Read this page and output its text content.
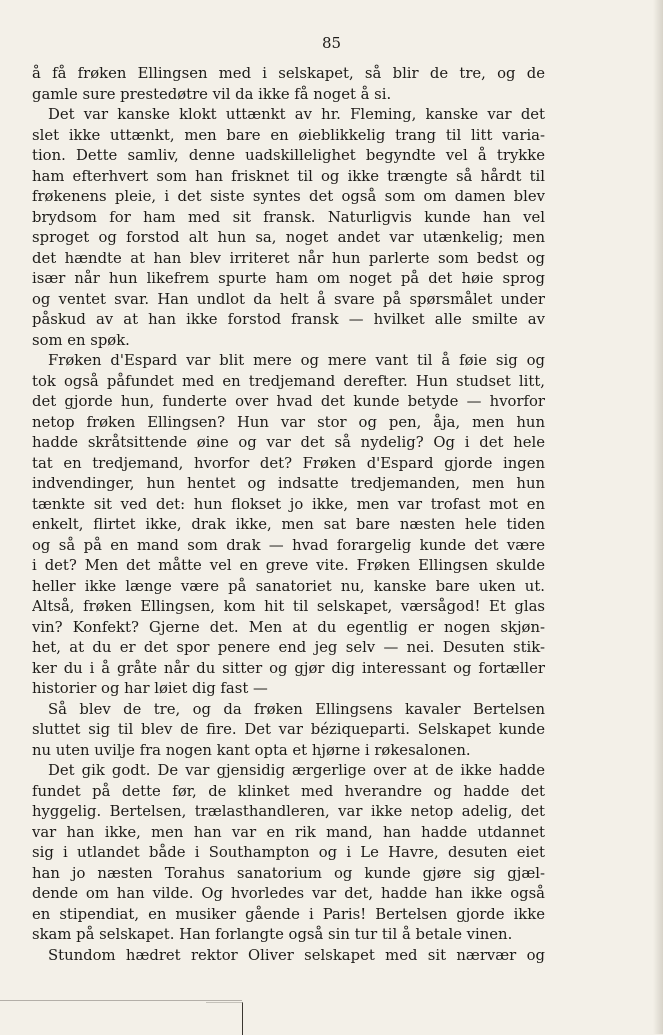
85
å få frøken Ellingsen med i selskapet, så blir de tre, og de
gamle sure prestedøtre vil da ikke få noget å si.
Det var kanske klokt uttænkt av hr. Fleming, kanske var det
slet ikke uttænkt, men bare en øieblikkelig trang til litt varia-
tion. Dette samliv, denne uadskillelighet begyndte vel å trykke
ham efterhvert som han frisknet til og ikke trængte så hårdt til
frøkenens pleie, i det siste syntes det også som om damen blev
brydsom for ham med sit fransk. Naturligvis kunde han vel
sproget og forstod alt hun sa, noget andet var utænkelig; men
det hændte at han blev irriteret når hun parlerte som bedst og
især når hun likefrem spurte ham om noget på det høie sprog
og ventet svar. Han undlot da helt å svare på spørsmålet under
påskud av at han ikke forstod fransk — hvilket alle smilte av
som en spøk.
Frøken d'Espard var blit mere og mere vant til å føie sig og
tok også påfundet med en tredjemand derefter. Hun studset litt,
det gjorde hun, funderte over hvad det kunde betyde — hvorfor
netop frøken Ellingsen? Hun var stor og pen, åja, men hun
hadde skråtsittende øine og var det så nydelig? Og i det hele
tat en tredjemand, hvorfor det? Frøken d'Espard gjorde ingen
indvendinger, hun hentet og indsatte tredjemanden, men hun
tænkte sit ved det: hun flokset jo ikke, men var trofast mot en
enkelt, flirtet ikke, drak ikke, men sat bare næsten hele tiden
og så på en mand som drak — hvad forargelig kunde det være
i det? Men det måtte vel en greve vite. Frøken Ellingsen skulde
heller ikke længe være på sanatoriet nu, kanske bare uken ut.
Altså, frøken Ellingsen, kom hit til selskapet, værsågod! Et glas
vin? Konfekt? Gjerne det. Men at du egentlig er nogen skjøn-
het, at du er det spor penere end jeg selv — nei. Desuten stik-
ker du i å gråte når du sitter og gjør dig interessant og fortæller
historier og har løiet dig fast —
Så blev de tre, og da frøken Ellingsens kavaler Bertelsen
sluttet sig til blev de fire. Det var béziqueparti. Selskapet kunde
nu uten uvilje fra nogen kant opta et hjørne i røkesalonen.
Det gik godt. De var gjensidig ærgerlige over at de ikke hadde
fundet på dette før, de klinket med hverandre og hadde det
hyggelig. Bertelsen, trælasthandleren, var ikke netop adelig, det
var han ikke, men han var en rik mand, han hadde utdannet
sig i utlandet både i Southampton og i Le Havre, desuten eiet
han jo næsten Torahus sanatorium og kunde gjøre sig gjæl-
dende om han vilde. Og hvorledes var det, hadde han ikke også
en stipendiat, en musiker gående i Paris! Bertelsen gjorde ikke
skam på selskapet. Han forlangte også sin tur til å betale vinen.
Stundom hædret rektor Oliver selskapet med sit nærvær og
